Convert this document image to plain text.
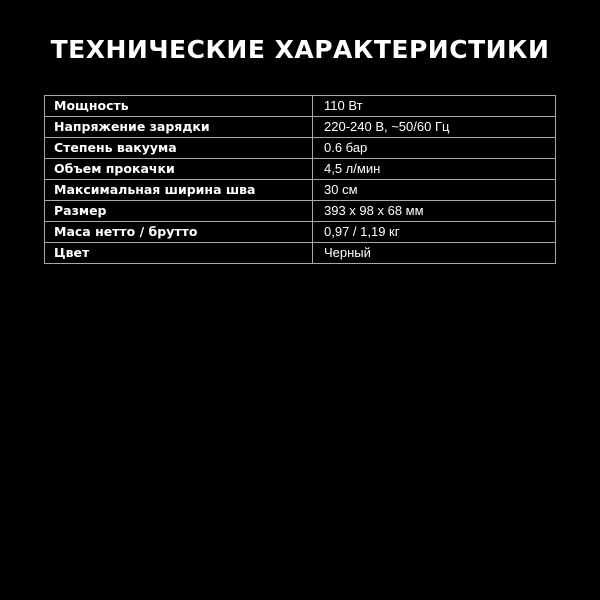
ТЕХНИЧЕСКИЕ ХАРАКТЕРИСТИКИ
Мощность	110 Вт
Напряжение зарядки	220-240 В, ~50/60 Гц
Степень вакуума	0.6 бар
Объем прокачки	4,5 л/мин
Максимальная ширина шва	30 см
Размер	393 х 98 х 68 мм
Маса нетто / брутто	0,97 / 1,19 кг
Цвет	Черный
